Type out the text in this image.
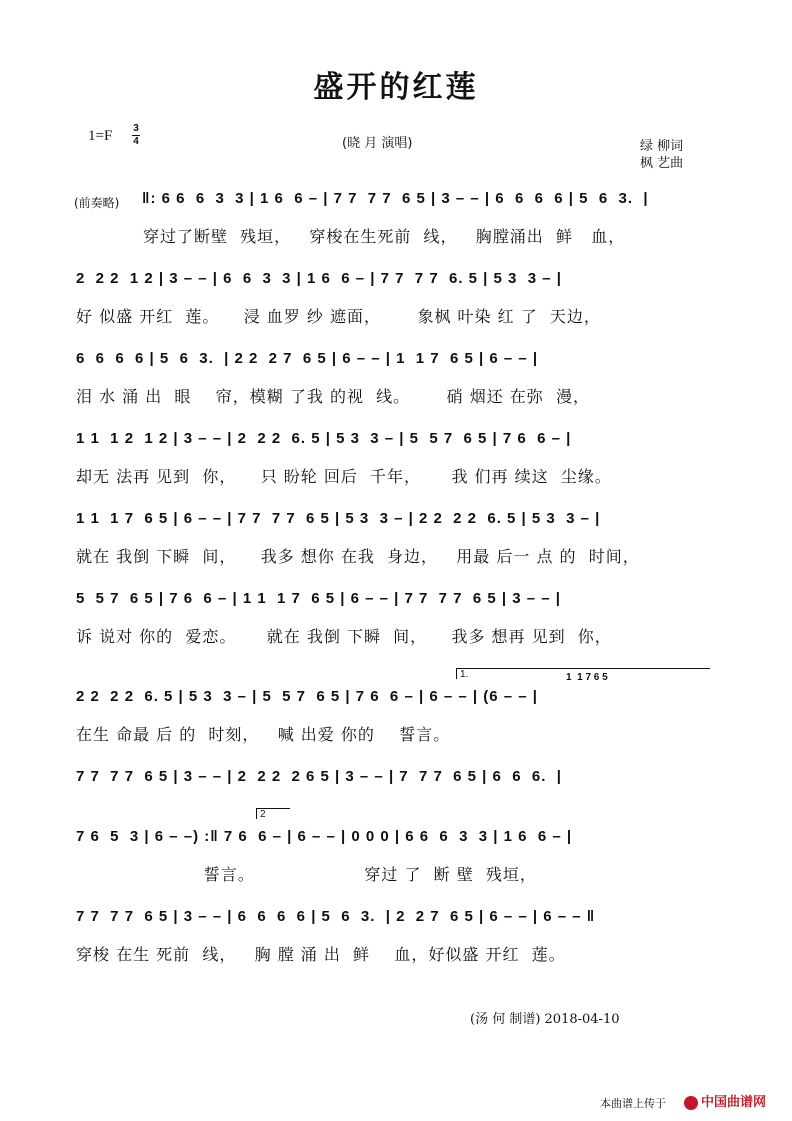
盛开的红莲
1=F 3
4	(晓 月 演唱)	绿 柳词
枫 艺曲
(前奏略) ‖: 6 6  6  3  3 | 1 6  6 – | 7 7  7 7  6 5 | 3 – – | 6  6  6  6 | 5  6  3.  |
穿过了断壁  残垣，   穿梭在生死前  线，   胸膛涌出  鲜   血，
2  2 2  1 2 | 3 – – | 6  6  3  3 | 1 6  6 – | 7 7  7 7  6. 5 | 5 3  3 – |
好 似盛 开红  莲。    浸 血罗 纱 遮面，      象枫 叶染 红 了  天边，
6  6  6  6 | 5  6  3.  | 2 2  2 7  6 5 | 6 – – | 1  1 7  6 5 | 6 – – |
泪 水 涌 出  眼    帘，模糊 了我 的视  线。      硝 烟还 在弥  漫，
1 1  1 2  1 2 | 3 – – | 2  2 2  6. 5 | 5 3  3 – | 5  5 7  6 5 | 7 6  6 – |
却无 法再 见到  你，    只 盼轮 回后  千年，     我 们再 续这  尘缘。
1 1  1 7  6 5 | 6 – – | 7 7  7 7  6 5 | 5 3  3 – | 2 2  2 2  6. 5 | 5 3  3 – |
就在 我倒 下瞬  间，    我多 想你 在我  身边，   用最 后一 点 的  时间，
5  5 7  6 5 | 7 6  6 – | 1 1  1 7  6 5 | 6 – – | 7 7  7 7  6 5 | 3 – – |
诉 说对 你的  爱恋。     就在 我倒 下瞬  间，    我多 想再 见到  你，
2 2  2 2  6. 5 | 5 3  3 – | 5  5 7  6 5 | 7 6  6 – | 6 – – | (6 – – |
在生 命最 后 的  时刻，   喊 出爱 你的    誓言。
7 7  7 7  6 5 | 3 – – | 2  2 2  2 6 5 | 3 – – | 7  7 7  6 5 | 6  6  6.  |
7 6  5  3 | 6 – –) :‖ 7 6  6 – | 6 – – | 0 0 0 | 6 6  6  3  3 | 1 6  6 – |
誓言。                  穿过 了  断 壁  残垣，
7 7  7 7  6 5 | 3 – – | 6  6  6  6 | 5  6  3.  | 2  2 7  6 5 | 6 – – | 6 – – ‖
穿梭 在生 死前  线，   胸 膛 涌 出  鲜    血，好似盛 开红  莲。
1.	1  1 7 6 5
2
(汤 何 制谱) 2018-04-10
本曲谱上传于	中国曲谱网
